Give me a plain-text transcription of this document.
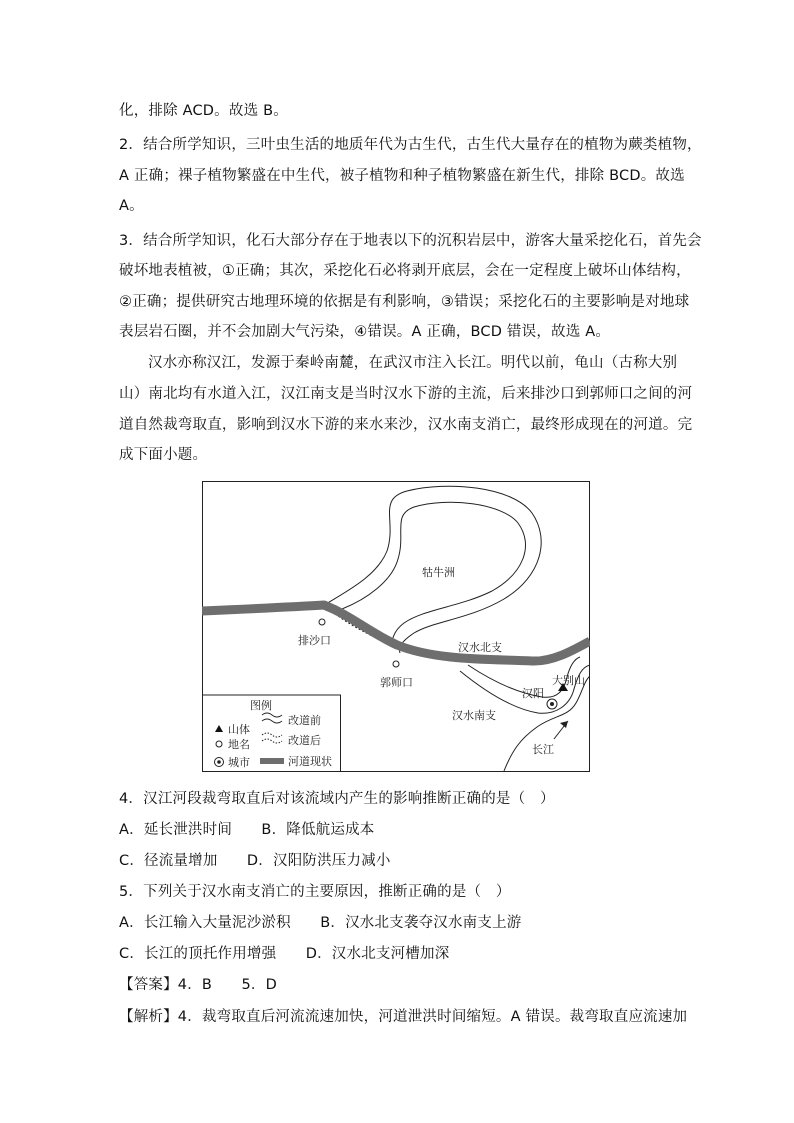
化，排除 ACD。故选 B。
2．结合所学知识，三叶虫生活的地质年代为古生代，古生代大量存在的植物为蕨类植物，
A 正确；裸子植物繁盛在中生代，被子植物和种子植物繁盛在新生代，排除 BCD。故选
A。
3．结合所学知识，化石大部分存在于地表以下的沉积岩层中，游客大量采挖化石，首先会
破坏地表植被，①正确；其次，采挖化石必将剥开底层，会在一定程度上破坏山体结构，
②正确；提供研究古地理环境的依据是有利影响，③错误；采挖化石的主要影响是对地球
表层岩石圈，并不会加剧大气污染，④错误。A 正确，BCD 错误，故选 A。
汉水亦称汉江，发源于秦岭南麓，在武汉市注入长江。明代以前，龟山（古称大别
山）南北均有水道入江，汉江南支是当时汉水下游的主流，后来排沙口到郭师口之间的河
道自然裁弯取直，影响到汉水下游的来水来沙，汉水南支消亡，最终形成现在的河道。完
成下面小题。
牯牛洲
排沙口
郭师口
汉水北支
大别山
汉阳
汉水南支
长江
图例
山体
地名
城市
改道前
改道后
河道现状
4．汉江河段裁弯取直后对该流域内产生的影响推断正确的是（　）
A．延长泄洪时间　　B．降低航运成本
C．径流量增加　　D．汉阳防洪压力减小
5．下列关于汉水南支消亡的主要原因，推断正确的是（　）
A．长江输入大量泥沙淤积　　B．汉水北支袭夺汉水南支上游
C．长江的顶托作用增强　　D．汉水北支河槽加深
【答案】4．B　　5．D
【解析】4．裁弯取直后河流流速加快，河道泄洪时间缩短。A 错误。裁弯取直应流速加
